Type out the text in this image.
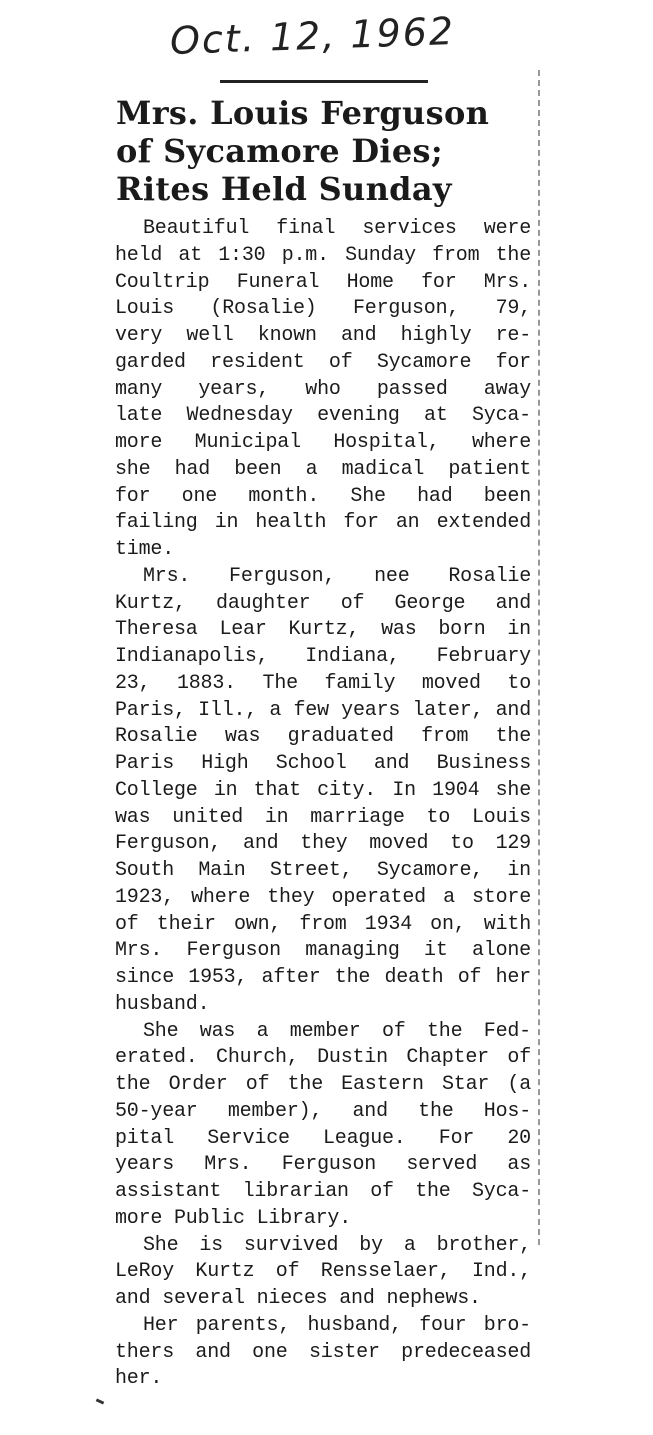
Oct. 12, 1962
Mrs. Louis Ferguson
of Sycamore Dies;
Rites Held Sunday
Beautiful final services were
held at 1:30 p.m. Sunday from the
Coultrip Funeral Home for Mrs.
Louis (Rosalie) Ferguson, 79,
very well known and highly re-
garded resident of Sycamore for
many years, who passed away
late Wednesday evening at Syca-
more Municipal Hospital, where
she had been a madical patient
for one month. She had been
failing in health for an extended
time.
Mrs. Ferguson, nee Rosalie
Kurtz, daughter of George and
Theresa Lear Kurtz, was born in
Indianapolis, Indiana, February
23, 1883. The family moved to
Paris, Ill., a few years later, and
Rosalie was graduated from the
Paris High School and Business
College in that city. In 1904 she
was united in marriage to Louis
Ferguson, and they moved to 129
South Main Street, Sycamore, in
1923, where they operated a store
of their own, from 1934 on, with
Mrs. Ferguson managing it alone
since 1953, after the death of her
husband.
She was a member of the Fed-
erated. Church, Dustin Chapter of
the Order of the Eastern Star (a
50-year member), and the Hos-
pital Service League. For 20
years Mrs. Ferguson served as
assistant librarian of the Syca-
more Public Library.
She is survived by a brother,
LeRoy Kurtz of Rensselaer, Ind.,
and several nieces and nephews.
Her parents, husband, four bro-
thers and one sister predeceased
her.
